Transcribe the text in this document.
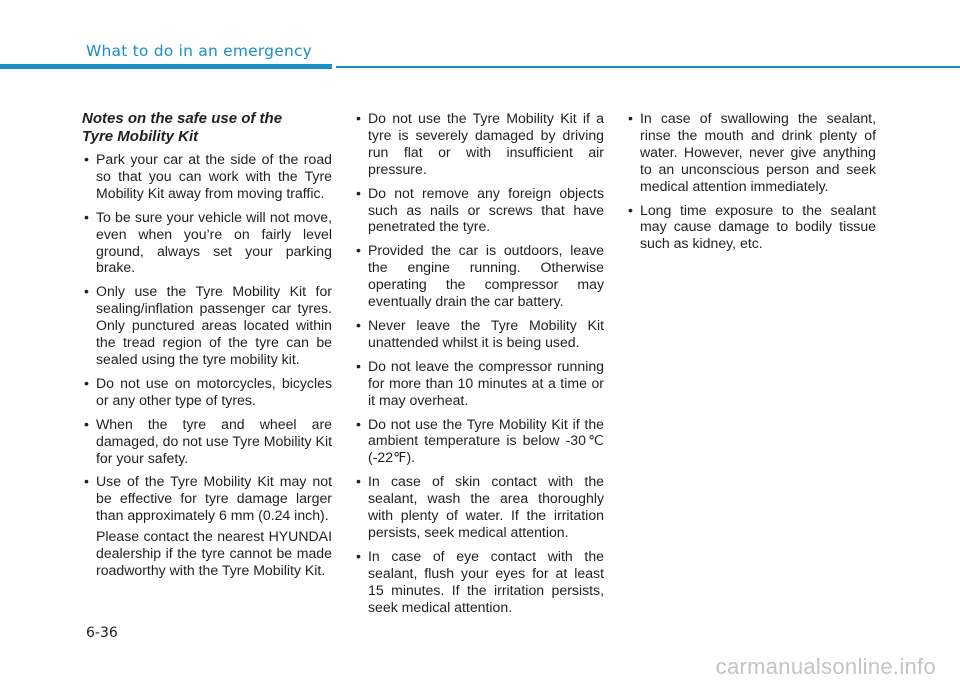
What to do in an emergency
Notes on the safe use of the
Tyre Mobility Kit
• Park your car at the side of the road so that you can work with the Tyre Mobility Kit away from moving traffic.
• To be sure your vehicle will not move, even when you’re on fairly level ground, always set your parking brake.
• Only use the Tyre Mobility Kit for sealing/inflation passenger car tyres. Only punctured areas located within the tread region of the tyre can be sealed using the tyre mobility kit.
• Do not use on motorcycles, bicycles or any other type of tyres.
• When the tyre and wheel are damaged, do not use Tyre Mobility Kit for your safety.
• Use of the Tyre Mobility Kit may not be effective for tyre damage larger than approximately 6 mm (0.24 inch).
Please contact the nearest HYUNDAI dealership if the tyre cannot be made roadworthy with the Tyre Mobility Kit.
• Do not use the Tyre Mobility Kit if a tyre is severely damaged by driving run flat or with insufficient air pressure.
• Do not remove any foreign objects such as nails or screws that have penetrated the tyre.
• Provided the car is outdoors, leave the engine running. Otherwise operating the compressor may eventually drain the car battery.
• Never leave the Tyre Mobility Kit unattended whilst it is being used.
• Do not leave the compressor running for more than 10 minutes at a time or it may overheat.
• Do not use the Tyre Mobility Kit if the ambient temperature is below -30℃ (-22℉).
• In case of skin contact with the sealant, wash the area thoroughly with plenty of water. If the irritation persists, seek medical attention.
• In case of eye contact with the sealant, flush your eyes for at least 15 minutes. If the irritation persists, seek medical attention.
• In case of swallowing the sealant, rinse the mouth and drink plenty of water. However, never give anything to an unconscious person and seek medical attention immediately.
• Long time exposure to the sealant may cause damage to bodily tissue such as kidney, etc.
6-36
carmanualsonline.info
